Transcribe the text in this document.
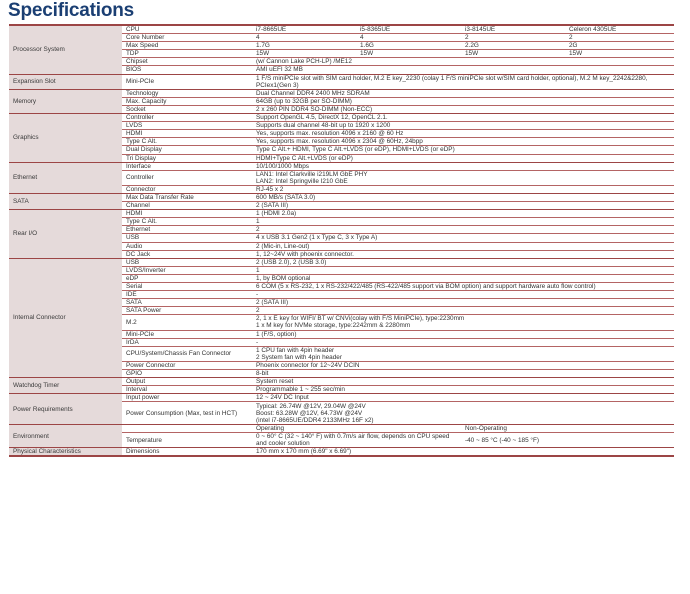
Specifications
Processor System	CPU	i7-8665UE	i5-8365UE	i3-8145UE	Celeron 4305UE
	Core Number	4	4	2	2
	Max Speed	1.7G	1.6G	2.2G	2G
	TDP	15W	15W	15W	15W
	Chipset	(w/ Cannon Lake PCH-LP) /ME12			
	BIOS	AMI uEFI 32 MB			
Expansion Slot	Mini-PCIe	1 F/S miniPCIe slot with SIM card holder, M.2 E key_2230 (colay 1 F/S miniPCIe slot w/SIM card holder, optional), M.2 M key_2242&2280, PCIex1(Gen 3)			
Memory	Technology	Dual Channel DDR4 2400 MHz SDRAM			
	Max. Capacity	64GB (up to 32GB per SO-DIMM)			
	Socket	2 x 260 PIN DDR4 SO-DIMM (Non-ECC)			
Graphics	Controller	Support OpenGL 4.5, DirectX 12, OpenCL 2.1.			
	LVDS	Supports dual channel 48-bit up to 1920 x 1200			
	HDMI	Yes, supports max. resolution 4096 x 2160 @ 60 Hz			
	Type C Alt.	Yes, supports max. resolution 4096 x 2304 @ 60Hz, 24bpp			
	Dual Display	Type C Alt.+ HDMI, Type C Alt.+LVDS (or eDP), HDMI+LVDS (or eDP)			
	Tri Display	HDMI+Type C Alt.+LVDS (or eDP)			
Ethernet	Interface	10/100/1000 Mbps			
	Controller	LAN1: Intel Clarkville i219LM GbE PHY
LAN2: Intel Springville I210 GbE			
	Connector	RJ-45 x 2			
SATA	Max Data Transfer Rate	600 MB/s (SATA 3.0)			
	Channel	2 (SATA III)			
Rear I/O	HDMI	1 (HDMI 2.0a)			
	Type C Alt.	1			
	Ethernet	2			
	USB	4 x USB 3.1 Gen2 (1 x Type C, 3 x Type A)			
	Audio	2 (Mic-in, Line-out)			
	DC Jack	1, 12~24V with phoenix connector.			
Internal Connector	USB	2 (USB 2.0), 2 (USB 3.0)			
	LVDS/Inverter	1			
	eDP	1, by BOM optional			
	Serial	6 COM (5 x RS-232, 1 x RS-232/422/485 (RS-422/485 support via BOM option) and support hardware auto flow control)			
	IDE	-			
	SATA	2 (SATA III)			
	SATA Power	2			
	M.2	2, 1 x E key for WIFI/ BT w/ CNVi(colay with F/S MiniPCIe), type:2230mm
1 x M key for NVMe storage, type:2242mm & 2280mm			
	Mini-PCIe	1 (F/S, option)			
	IrDA	-			
	CPU/System/Chassis Fan Connector	1 CPU fan with 4pin header
2 System fan with 4pin header			
	Power Connector	Phoenix connector for 12~24V DCIN			
	GPIO	8-bit			
Watchdog Timer	Output	System reset			
	Interval	Programmable 1 ~ 255 sec/min			
Power Requirements	Input power	12 ~ 24V DC Input			
	Power Consumption (Max, test in HCT)	Typical: 26.74W @12V, 29.04W @24V
Boost: 63.28W @12V, 64.73W @24V
(intel i7-8665UE/DDR4 2133MHz 16F x2)			
Environment		Operating		Non-Operating	
	Temperature	0 ~ 60° C (32 ~ 140° F) with 0.7m/s air flow, depends on CPU speed and cooler solution		-40 ~ 85 °C (-40 ~ 185 °F)	
Physical Characteristics	Dimensions	170 mm x 170 mm (6.69" x 6.69")			
